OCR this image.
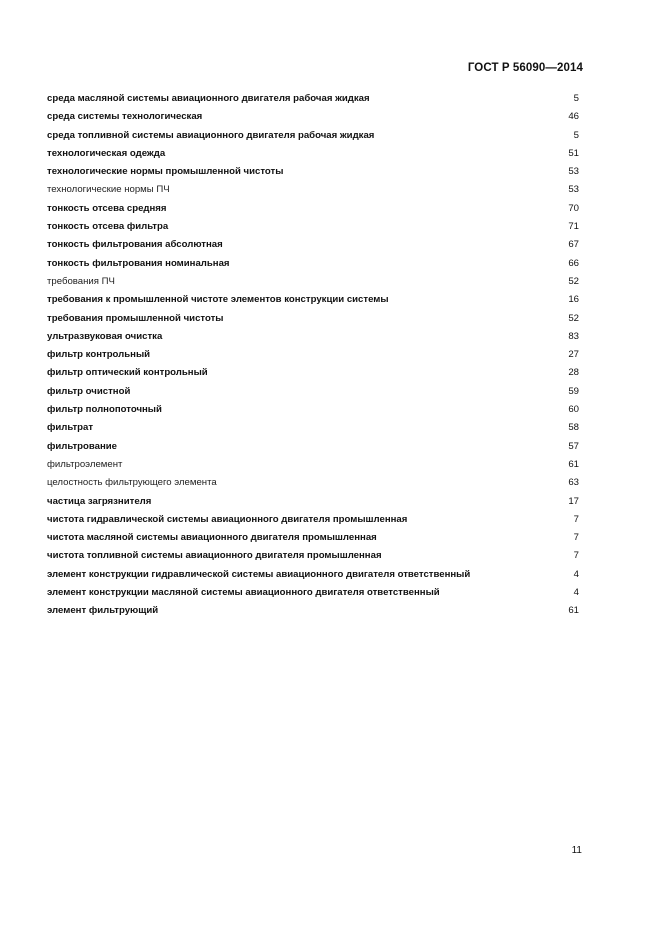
ГОСТ Р 56090—2014
среда масляной системы авиационного двигателя рабочая жидкая	5
среда системы технологическая	46
среда топливной системы авиационного двигателя рабочая жидкая	5
технологическая одежда	51
технологические нормы промышленной чистоты	53
технологические нормы ПЧ	53
тонкость отсева средняя	70
тонкость отсева фильтра	71
тонкость фильтрования абсолютная	67
тонкость фильтрования номинальная	66
требования ПЧ	52
требования к промышленной чистоте элементов конструкции системы	16
требования промышленной чистоты	52
ультразвуковая очистка	83
фильтр контрольный	27
фильтр оптический контрольный	28
фильтр очистной	59
фильтр полнопоточный	60
фильтрат	58
фильтрование	57
фильтроэлемент	61
целостность фильтрующего элемента	63
частица загрязнителя	17
чистота гидравлической системы авиационного двигателя промышленная	7
чистота масляной системы авиационного двигателя промышленная	7
чистота топливной системы авиационного двигателя промышленная	7
элемент конструкции гидравлической системы авиационного двигателя ответственный	4
элемент конструкции масляной системы авиационного двигателя ответственный	4
элемент фильтрующий	61
11
